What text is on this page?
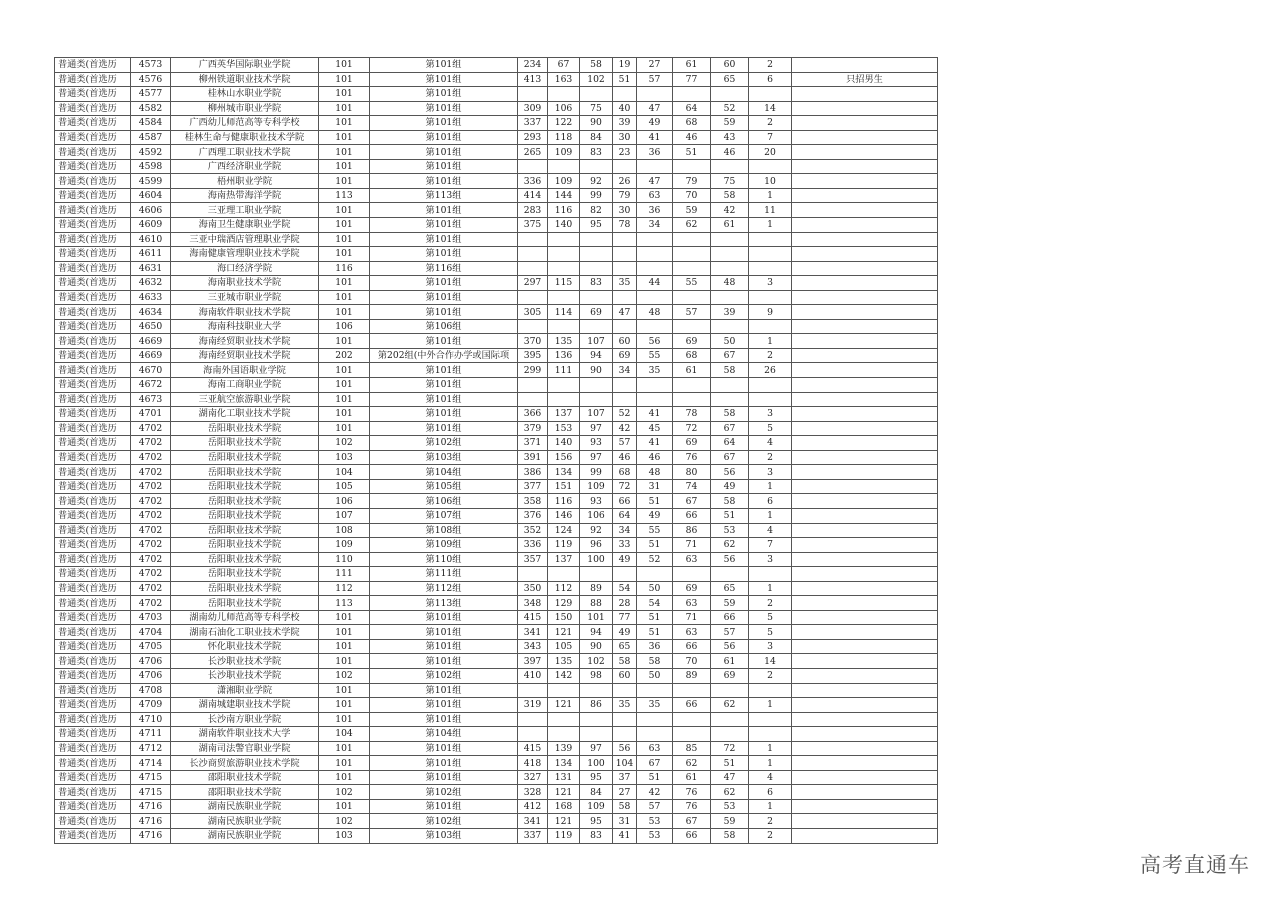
普通类(首选历	4573	广西英华国际职业学院	101	第101组	234	67	58	19	27	61	60	2	
普通类(首选历	4576	柳州铁道职业技术学院	101	第101组	413	163	102	51	57	77	65	6	只招男生
普通类(首选历	4577	桂林山水职业学院	101	第101组									
普通类(首选历	4582	柳州城市职业学院	101	第101组	309	106	75	40	47	64	52	14	
普通类(首选历	4584	广西幼儿师范高等专科学校	101	第101组	337	122	90	39	49	68	59	2	
普通类(首选历	4587	桂林生命与健康职业技术学院	101	第101组	293	118	84	30	41	46	43	7	
普通类(首选历	4592	广西理工职业技术学院	101	第101组	265	109	83	23	36	51	46	20	
普通类(首选历	4598	广西经济职业学院	101	第101组									
普通类(首选历	4599	梧州职业学院	101	第101组	336	109	92	26	47	79	75	10	
普通类(首选历	4604	海南热带海洋学院	113	第113组	414	144	99	79	63	70	58	1	
普通类(首选历	4606	三亚理工职业学院	101	第101组	283	116	82	30	36	59	42	11	
普通类(首选历	4609	海南卫生健康职业学院	101	第101组	375	140	95	78	34	62	61	1	
普通类(首选历	4610	三亚中瑞酒店管理职业学院	101	第101组									
普通类(首选历	4611	海南健康管理职业技术学院	101	第101组									
普通类(首选历	4631	海口经济学院	116	第116组									
普通类(首选历	4632	海南职业技术学院	101	第101组	297	115	83	35	44	55	48	3	
普通类(首选历	4633	三亚城市职业学院	101	第101组									
普通类(首选历	4634	海南软件职业技术学院	101	第101组	305	114	69	47	48	57	39	9	
普通类(首选历	4650	海南科技职业大学	106	第106组									
普通类(首选历	4669	海南经贸职业技术学院	101	第101组	370	135	107	60	56	69	50	1	
普通类(首选历	4669	海南经贸职业技术学院	202	第202组(中外合作办学或国际项	395	136	94	69	55	68	67	2	
普通类(首选历	4670	海南外国语职业学院	101	第101组	299	111	90	34	35	61	58	26	
普通类(首选历	4672	海南工商职业学院	101	第101组									
普通类(首选历	4673	三亚航空旅游职业学院	101	第101组									
普通类(首选历	4701	湖南化工职业技术学院	101	第101组	366	137	107	52	41	78	58	3	
普通类(首选历	4702	岳阳职业技术学院	101	第101组	379	153	97	42	45	72	67	5	
普通类(首选历	4702	岳阳职业技术学院	102	第102组	371	140	93	57	41	69	64	4	
普通类(首选历	4702	岳阳职业技术学院	103	第103组	391	156	97	46	46	76	67	2	
普通类(首选历	4702	岳阳职业技术学院	104	第104组	386	134	99	68	48	80	56	3	
普通类(首选历	4702	岳阳职业技术学院	105	第105组	377	151	109	72	31	74	49	1	
普通类(首选历	4702	岳阳职业技术学院	106	第106组	358	116	93	66	51	67	58	6	
普通类(首选历	4702	岳阳职业技术学院	107	第107组	376	146	106	64	49	66	51	1	
普通类(首选历	4702	岳阳职业技术学院	108	第108组	352	124	92	34	55	86	53	4	
普通类(首选历	4702	岳阳职业技术学院	109	第109组	336	119	96	33	51	71	62	7	
普通类(首选历	4702	岳阳职业技术学院	110	第110组	357	137	100	49	52	63	56	3	
普通类(首选历	4702	岳阳职业技术学院	111	第111组									
普通类(首选历	4702	岳阳职业技术学院	112	第112组	350	112	89	54	50	69	65	1	
普通类(首选历	4702	岳阳职业技术学院	113	第113组	348	129	88	28	54	63	59	2	
普通类(首选历	4703	湖南幼儿师范高等专科学校	101	第101组	415	150	101	77	51	71	66	5	
普通类(首选历	4704	湖南石油化工职业技术学院	101	第101组	341	121	94	49	51	63	57	5	
普通类(首选历	4705	怀化职业技术学院	101	第101组	343	105	90	65	36	66	56	3	
普通类(首选历	4706	长沙职业技术学院	101	第101组	397	135	102	58	58	70	61	14	
普通类(首选历	4706	长沙职业技术学院	102	第102组	410	142	98	60	50	89	69	2	
普通类(首选历	4708	潇湘职业学院	101	第101组									
普通类(首选历	4709	湖南城建职业技术学院	101	第101组	319	121	86	35	35	66	62	1	
普通类(首选历	4710	长沙南方职业学院	101	第101组									
普通类(首选历	4711	湖南软件职业技术大学	104	第104组									
普通类(首选历	4712	湖南司法警官职业学院	101	第101组	415	139	97	56	63	85	72	1	
普通类(首选历	4714	长沙商贸旅游职业技术学院	101	第101组	418	134	100	104	67	62	51	1	
普通类(首选历	4715	邵阳职业技术学院	101	第101组	327	131	95	37	51	61	47	4	
普通类(首选历	4715	邵阳职业技术学院	102	第102组	328	121	84	27	42	76	62	6	
普通类(首选历	4716	湖南民族职业学院	101	第101组	412	168	109	58	57	76	53	1	
普通类(首选历	4716	湖南民族职业学院	102	第102组	341	121	95	31	53	67	59	2	
普通类(首选历	4716	湖南民族职业学院	103	第103组	337	119	83	41	53	66	58	2	
高考直通车
